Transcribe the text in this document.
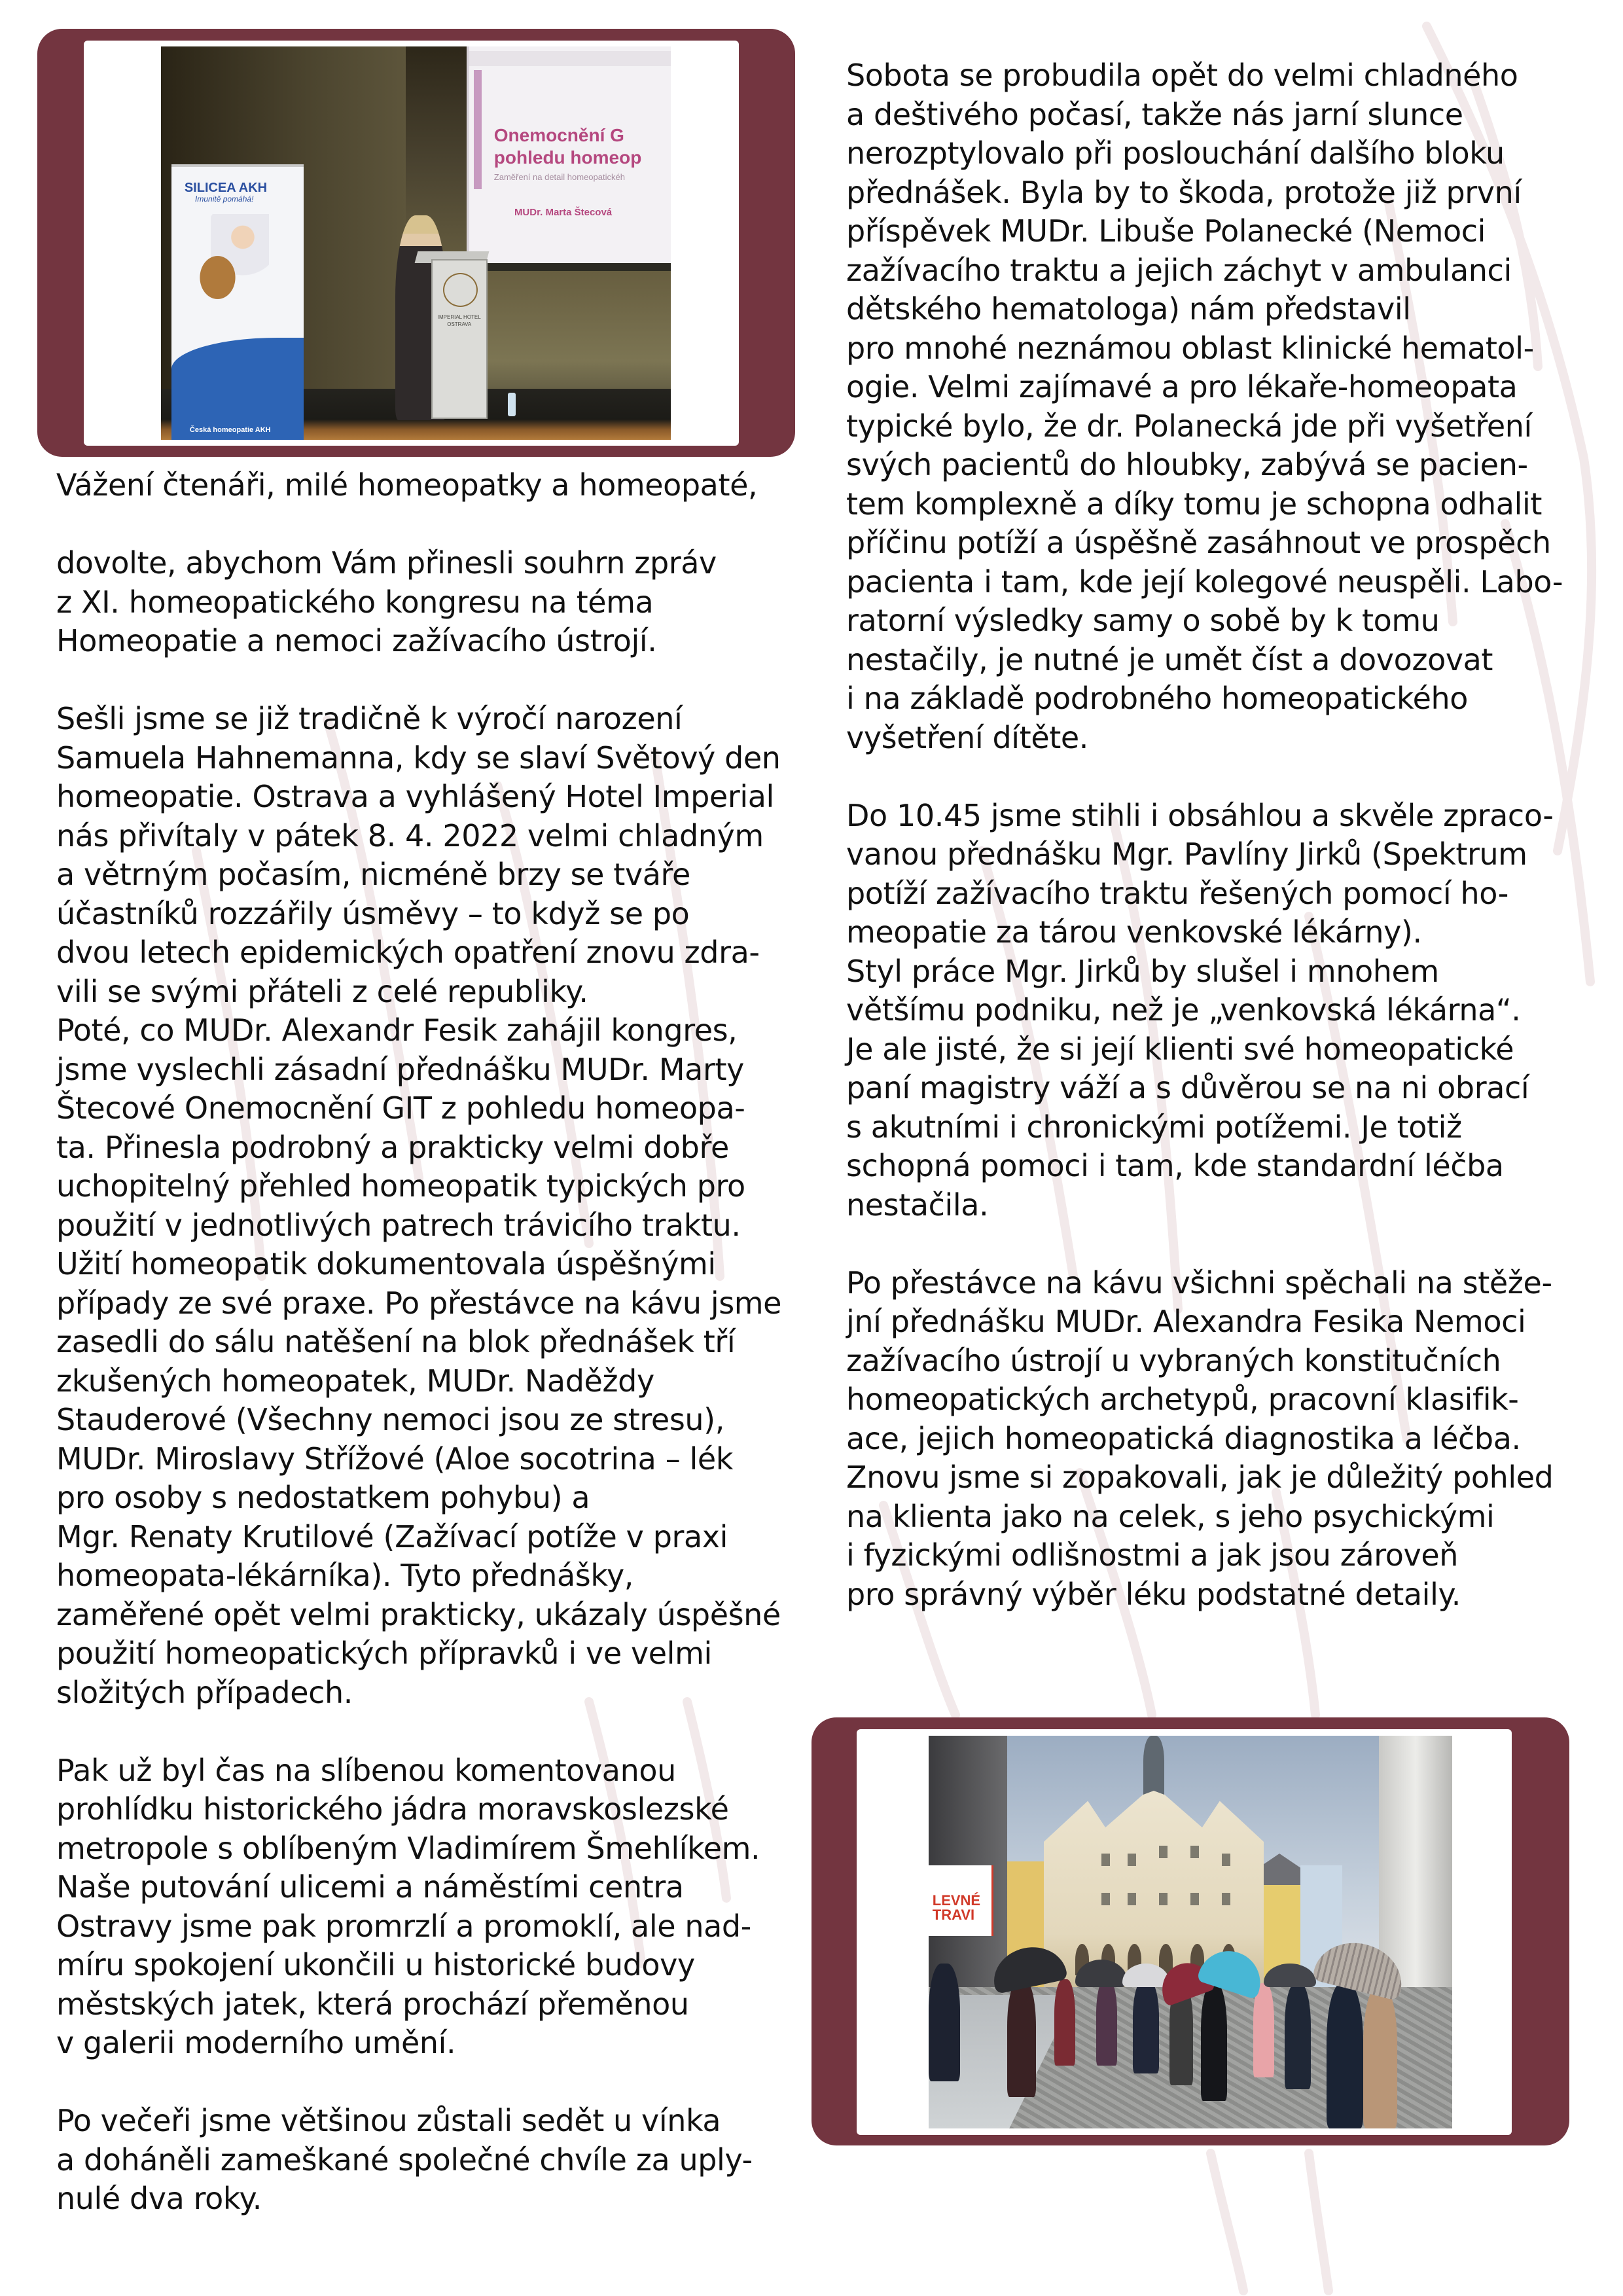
Onemocnění G
pohledu homeop
Zaměření na detail homeopatickéh
MUDr. Marta Štecová
SILICEA AKH
Imunitě pomáhá!
Česká homeopatie AKH
IMPERIAL HOTEL OSTRAVA

Vážení čtenáři, milé homeopatky a homeopaté,

dovolte, abychom Vám přinesli souhrn zpráv

z XI. homeopatického kongresu na téma

Homeopatie a nemoci zažívacího ústrojí.

Sešli jsme se již tradičně k výročí narození

Samuela Hahnemanna, kdy se slaví Světový den

homeopatie. Ostrava a vyhlášený Hotel Imperial

nás přivítaly v pátek 8. 4. 2022 velmi chladným

a větrným počasím, nicméně brzy se tváře

účastníků rozzářily úsměvy – to když se po

dvou letech epidemických opatření znovu zdra-

vili se svými přáteli z celé republiky.

Poté, co MUDr. Alexandr Fesik zahájil kongres,

jsme vyslechli zásadní přednášku MUDr. Marty

Štecové Onemocnění GIT z pohledu homeopa-

ta. Přinesla podrobný a prakticky velmi dobře

uchopitelný přehled homeopatik typických pro

použití v jednotlivých patrech trávicího traktu.

Užití homeopatik dokumentovala úspěšnými

případy ze své praxe. Po přestávce na kávu jsme

zasedli do sálu natěšení na blok přednášek tří

zkušených homeopatek, MUDr. Naděždy

Stauderové (Všechny nemoci jsou ze stresu),

MUDr. Miroslavy Střížové (Aloe socotrina – lék

pro osoby s nedostatkem pohybu) a

Mgr. Renaty Krutilové (Zažívací potíže v praxi

homeopata-lékárníka). Tyto přednášky,

zaměřené opět velmi prakticky, ukázaly úspěšné

použití homeopatických přípravků i ve velmi

složitých případech.

Pak už byl čas na slíbenou komentovanou

prohlídku historického jádra moravskoslezské

metropole s oblíbeným Vladimírem Šmehlíkem.

Naše putování ulicemi a náměstími centra

Ostravy jsme pak promrzlí a promoklí, ale nad-

míru spokojení ukončili u historické budovy

městských jatek, která prochází přeměnou

v galerii moderního umění.

Po večeři jsme většinou zůstali sedět u vínka

a doháněli zameškané společné chvíle za uply-

nulé dva roky.

Sobota se probudila opět do velmi chladného

a deštivého počasí, takže nás jarní slunce

nerozptylovalo při poslouchání dalšího bloku

přednášek. Byla by to škoda, protože již první

příspěvek MUDr. Libuše Polanecké (Nemoci

zažívacího traktu a jejich záchyt v ambulanci

dětského hematologa) nám představil

pro mnohé neznámou oblast klinické hematol-

ogie. Velmi zajímavé a pro lékaře-homeopata

typické bylo, že dr. Polanecká jde při vyšetření

svých pacientů do hloubky, zabývá se pacien-

tem komplexně a díky tomu je schopna odhalit

příčinu potíží a úspěšně zasáhnout ve prospěch

pacienta i tam, kde její kolegové neuspěli. Labo-

ratorní výsledky samy o sobě by k tomu

nestačily, je nutné je umět číst a dovozovat

i na základě podrobného homeopatického

vyšetření dítěte.

Do 10.45 jsme stihli i obsáhlou a skvěle zpraco-

vanou přednášku Mgr. Pavlíny Jirků (Spektrum

potíží zažívacího traktu řešených pomocí ho-

meopatie za tárou venkovské lékárny).

Styl práce Mgr. Jirků by slušel i mnohem

většímu podniku, než je „venkovská lékárna“.

Je ale jisté, že si její klienti své homeopatické

paní magistry váží a s důvěrou se na ni obrací

s akutními i chronickými potížemi. Je totiž

schopná pomoci i tam, kde standardní léčba

nestačila.

Po přestávce na kávu všichni spěchali na stěže-

jní přednášku MUDr. Alexandra Fesika Nemoci

zažívacího ústrojí u vybraných konstitučních

homeopatických archetypů, pracovní klasifik-

ace, jejich homeopatická diagnostika a léčba.

Znovu jsme si zopakovali, jak je důležitý pohled

na klienta jako na celek, s jeho psychickými

i fyzickými odlišnostmi a jak jsou zároveň

pro správný výběr léku podstatné detaily.

LEVNÉ TRAVI
